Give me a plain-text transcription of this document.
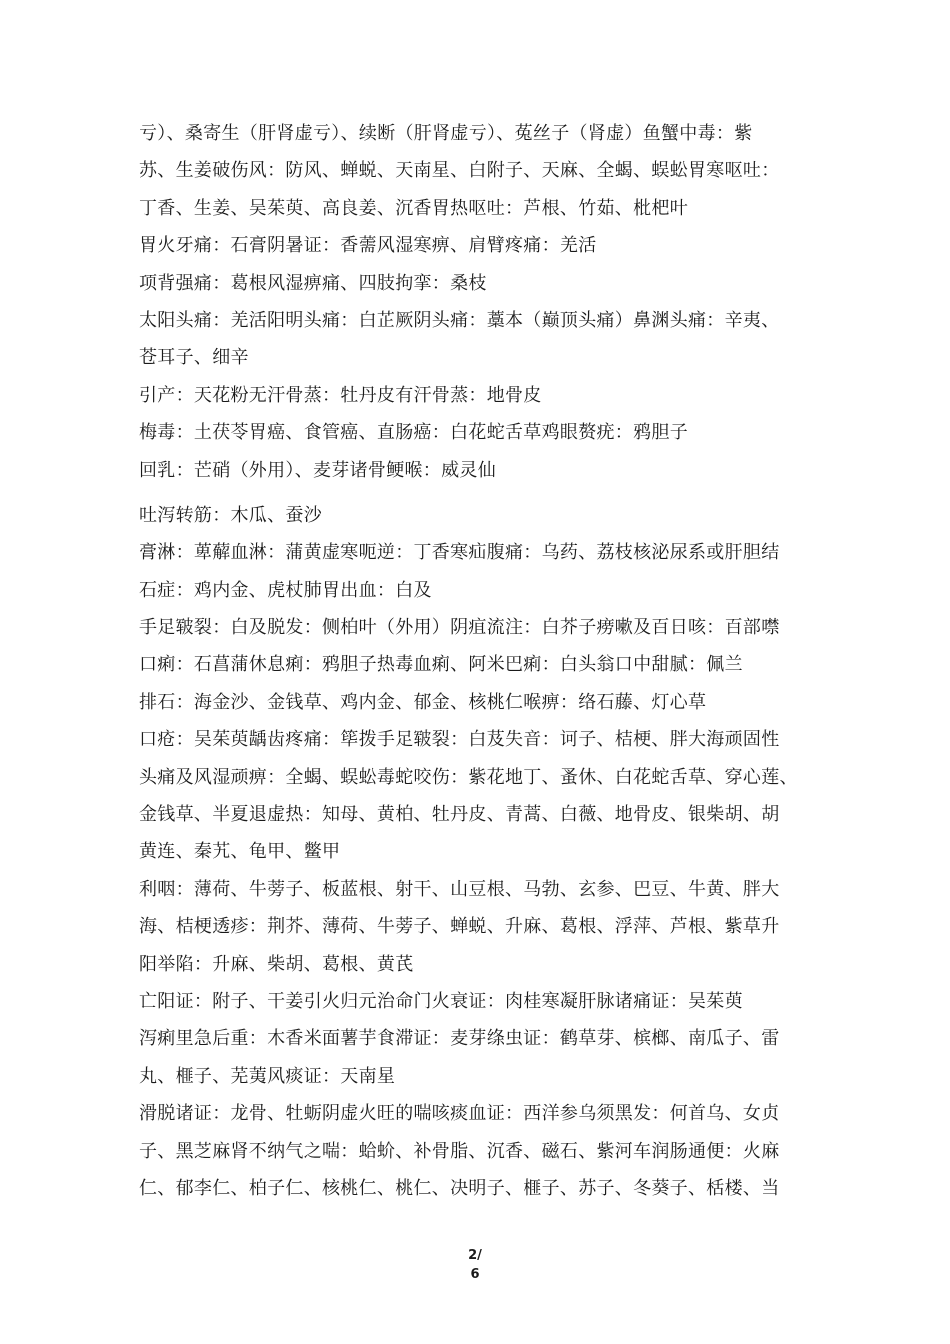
亏）、桑寄生（肝肾虚亏）、续断（肝肾虚亏）、菟丝子（肾虚）鱼蟹中毒：紫
苏、生姜破伤风：防风、蝉蜕、天南星、白附子、天麻、全蝎、蜈蚣胃寒呕吐：
丁香、生姜、吴茱萸、高良姜、沉香胃热呕吐：芦根、竹茹、枇杷叶
胃火牙痛：石膏阴暑证：香薷风湿寒痹、肩臂疼痛：羌活
项背强痛：葛根风湿痹痛、四肢拘挛：桑枝
太阳头痛：羌活阳明头痛：白芷厥阴头痛：藁本（巅顶头痛）鼻渊头痛：辛夷、
苍耳子、细辛
引产：天花粉无汗骨蒸：牡丹皮有汗骨蒸：地骨皮
梅毒：土茯苓胃癌、食管癌、直肠癌：白花蛇舌草鸡眼赘疣：鸦胆子
回乳：芒硝（外用）、麦芽诸骨鲠喉：威灵仙
吐泻转筋：木瓜、蚕沙
膏淋：萆薢血淋：蒲黄虚寒呃逆：丁香寒疝腹痛：乌药、荔枝核泌尿系或肝胆结
石症：鸡内金、虎杖肺胃出血：白及
手足皲裂：白及脱发：侧柏叶（外用）阴疽流注：白芥子痨嗽及百日咳：百部噤
口痢：石菖蒲休息痢：鸦胆子热毒血痢、阿米巴痢：白头翁口中甜腻：佩兰
排石：海金沙、金钱草、鸡内金、郁金、核桃仁喉痹：络石藤、灯心草
口疮：吴茱萸龋齿疼痛：筚拨手足皲裂：白芨失音：诃子、桔梗、胖大海顽固性
头痛及风湿顽痹：全蝎、蜈蚣毒蛇咬伤：紫花地丁、蚤休、白花蛇舌草、穿心莲、
金钱草、半夏退虚热：知母、黄柏、牡丹皮、青蒿、白薇、地骨皮、银柴胡、胡
黄连、秦艽、龟甲、鳖甲
利咽：薄荷、牛蒡子、板蓝根、射干、山豆根、马勃、玄参、巴豆、牛黄、胖大
海、桔梗透疹：荆芥、薄荷、牛蒡子、蝉蜕、升麻、葛根、浮萍、芦根、紫草升
阳举陷：升麻、柴胡、葛根、黄芪
亡阳证：附子、干姜引火归元治命门火衰证：肉桂寒凝肝脉诸痛证：吴茱萸
泻痢里急后重：木香米面薯芋食滞证：麦芽绦虫证：鹤草芽、槟榔、南瓜子、雷
丸、榧子、芜荑风痰证：天南星
滑脱诸证：龙骨、牡蛎阴虚火旺的喘咳痰血证：西洋参乌须黑发：何首乌、女贞
子、黑芝麻肾不纳气之喘：蛤蚧、补骨脂、沉香、磁石、紫河车润肠通便：火麻
仁、郁李仁、柏子仁、核桃仁、桃仁、决明子、榧子、苏子、冬葵子、栝楼、当
2/
6
